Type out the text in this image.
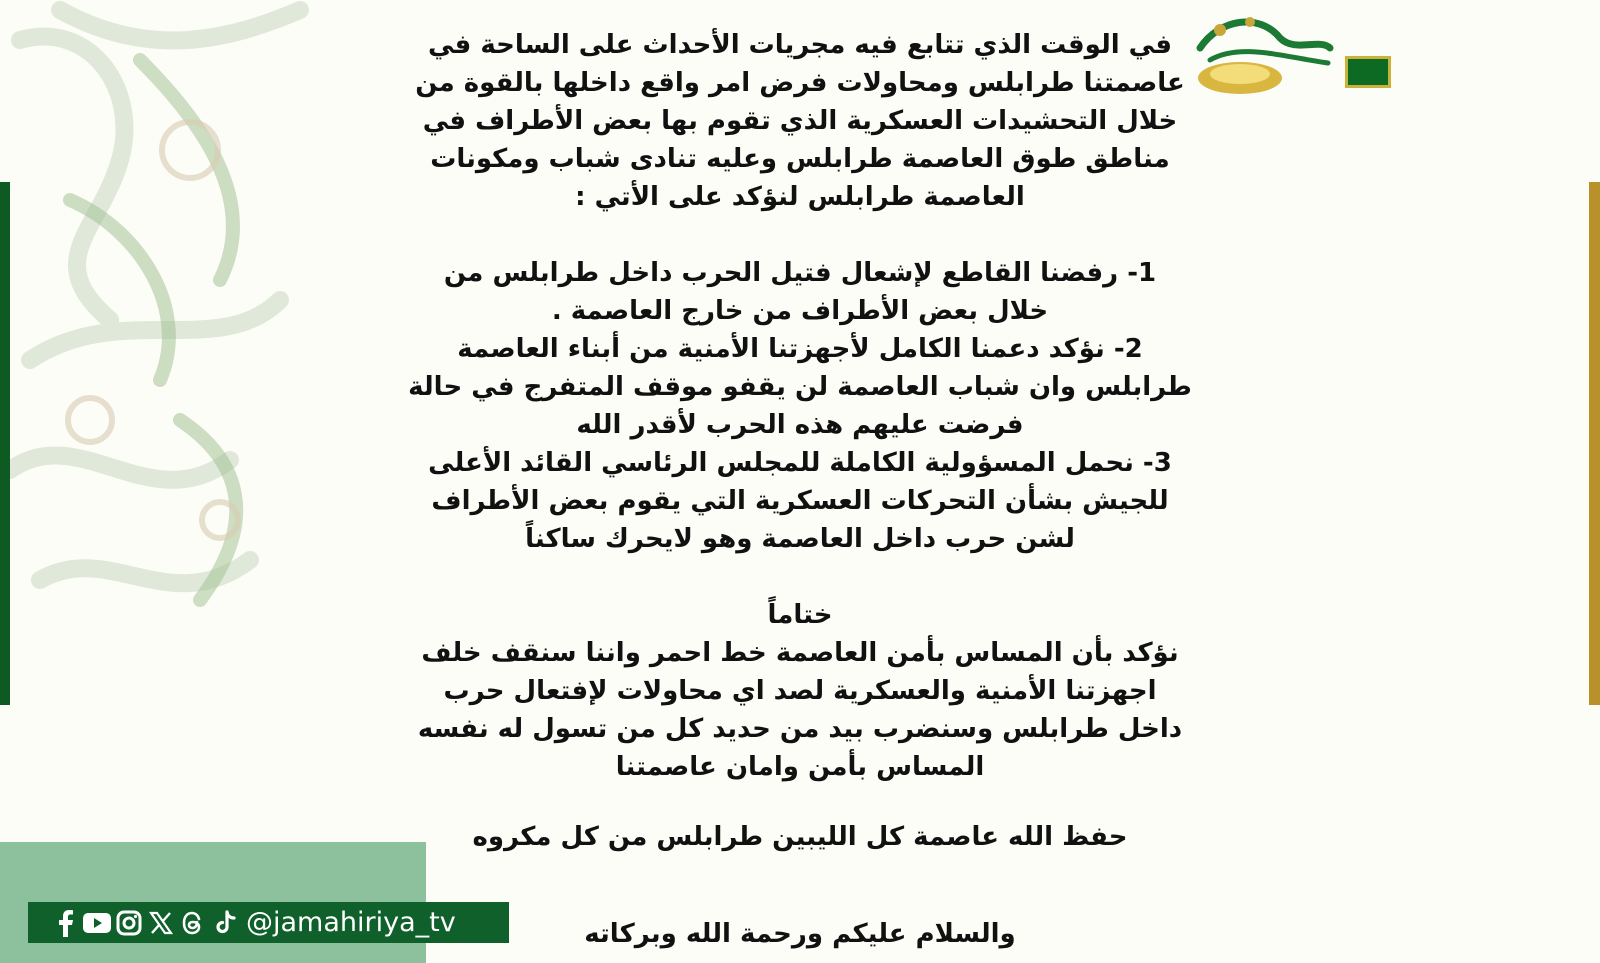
في الوقت الذي تتابع فيه مجريات الأحداث على الساحة في

عاصمتنا طرابلس ومحاولات فرض امر واقع داخلها بالقوة من

خلال التحشيدات العسكرية الذي تقوم بها بعض الأطراف في

مناطق طوق العاصمة طرابلس وعليه تنادى شباب ومكونات

العاصمة طرابلس لنؤكد على الأتي :

1- رفضنا القاطع لإشعال فتيل الحرب داخل طرابلس من

خلال بعض الأطراف من خارج العاصمة .

2- نؤكد دعمنا الكامل لأجهزتنا الأمنية من أبناء العاصمة

طرابلس وان شباب العاصمة لن يقفو موقف المتفرج في حالة

فرضت عليهم هذه الحرب لأقدر الله

3- نحمل المسؤولية الكاملة للمجلس الرئاسي القائد الأعلى

للجيش بشأن التحركات العسكرية التي يقوم بعض الأطراف

لشن حرب داخل العاصمة وهو لايحرك ساكناً

ختاماً

نؤكد بأن المساس بأمن العاصمة خط احمر واننا سنقف خلف

اجهزتنا الأمنية والعسكرية لصد اي محاولات لإفتعال حرب

داخل طرابلس وسنضرب بيد من حديد كل من تسول له نفسه

المساس بأمن وامان عاصمتنا

حفظ الله عاصمة كل الليبين طرابلس من كل مكروه

@jamahiriya_tv	والسلام عليكم ورحمة الله وبركاته
